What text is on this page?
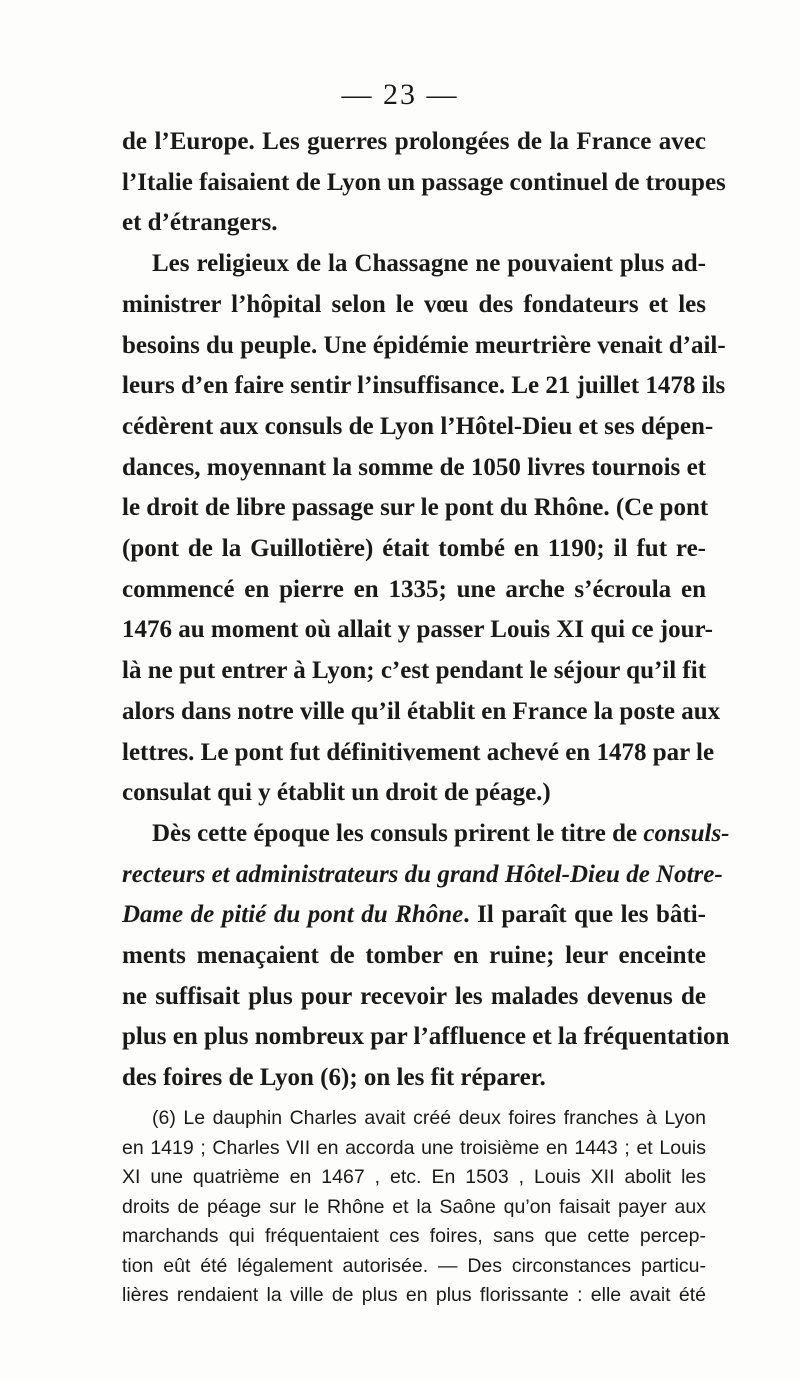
— 23 —
de l’Europe. Les guerres prolongées de la France avec
l’Italie faisaient de Lyon un passage continuel de troupes
et d’étrangers.
Les religieux de la Chassagne ne pouvaient plus ad-
ministrer l’hôpital selon le vœu des fondateurs et les
besoins du peuple. Une épidémie meurtrière venait d’ail-
leurs d’en faire sentir l’insuffisance. Le 21 juillet 1478 ils
cédèrent aux consuls de Lyon l’Hôtel-Dieu et ses dépen-
dances, moyennant la somme de 1050 livres tournois et
le droit de libre passage sur le pont du Rhône. (Ce pont
(pont de la Guillotière) était tombé en 1190; il fut re-
commencé en pierre en 1335; une arche s’écroula en
1476 au moment où allait y passer Louis XI qui ce jour-
là ne put entrer à Lyon; c’est pendant le séjour qu’il fit
alors dans notre ville qu’il établit en France la poste aux
lettres. Le pont fut définitivement achevé en 1478 par le
consulat qui y établit un droit de péage.)
Dès cette époque les consuls prirent le titre de consuls-
recteurs et administrateurs du grand Hôtel-Dieu de Notre-
Dame de pitié du pont du Rhône. Il paraît que les bâti-
ments menaçaient de tomber en ruine; leur enceinte
ne suffisait plus pour recevoir les malades devenus de
plus en plus nombreux par l’affluence et la fréquentation
des foires de Lyon (6); on les fit réparer.
(6) Le dauphin Charles avait créé deux foires franches à Lyon
en 1419 ; Charles VII en accorda une troisième en 1443 ; et Louis
XI une quatrième en 1467 , etc. En 1503 , Louis XII abolit les
droits de péage sur le Rhône et la Saône qu’on faisait payer aux
marchands qui fréquentaient ces foires, sans que cette percep-
tion eût été légalement autorisée. — Des circonstances particu-
lières rendaient la ville de plus en plus florissante : elle avait été
